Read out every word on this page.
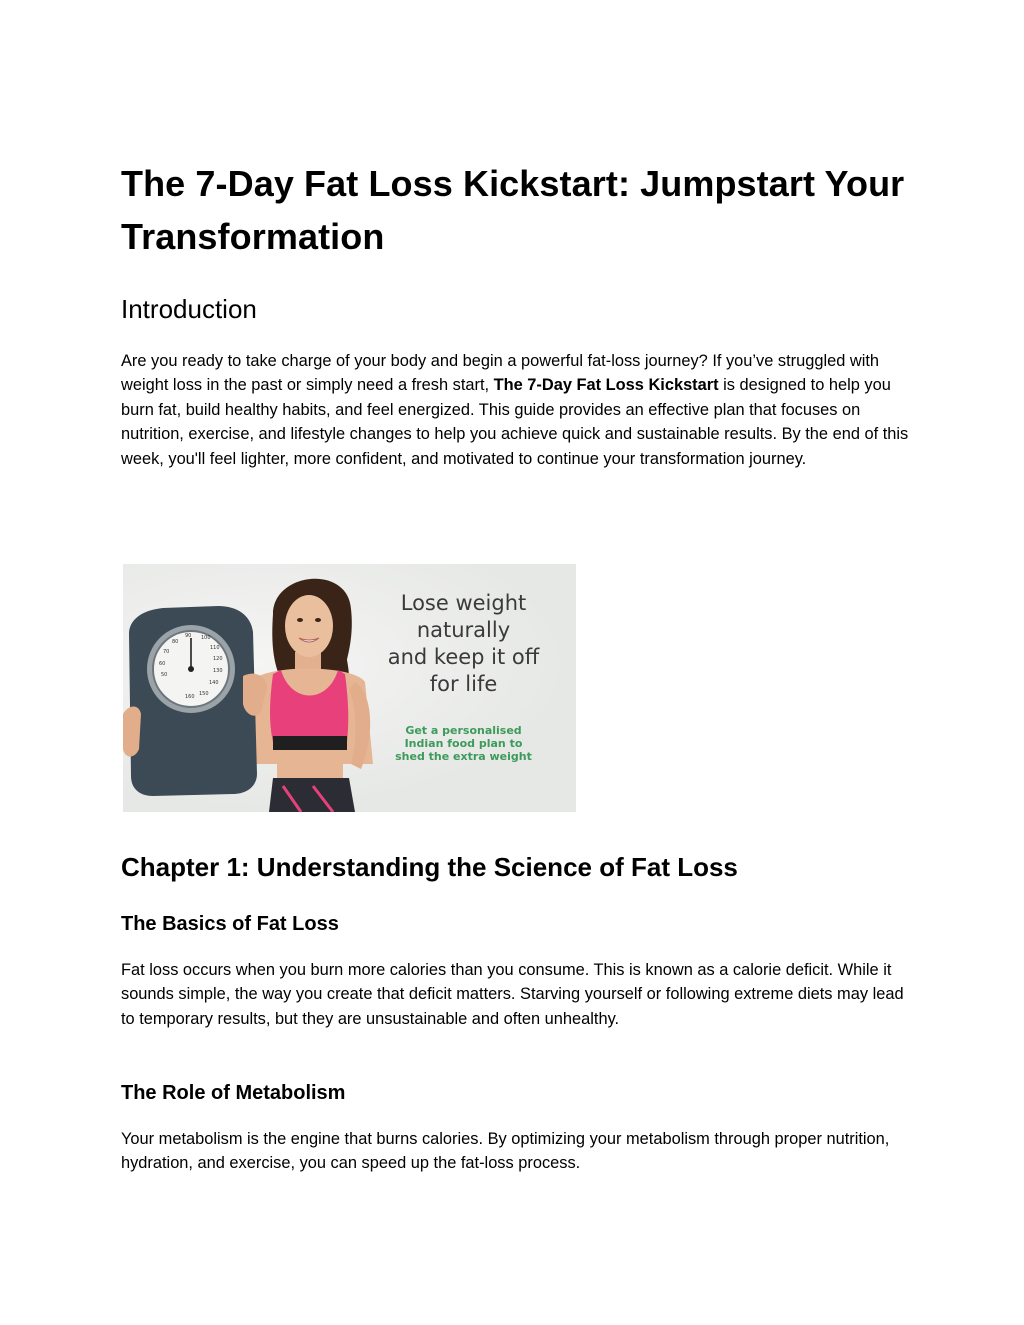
The 7-Day Fat Loss Kickstart: Jumpstart Your Transformation
Introduction

Are you ready to take charge of your body and begin a powerful fat-loss journey? If you’ve struggled with weight loss in the past or simply need a fresh start, The 7-Day Fat Loss Kickstart is designed to help you burn fat, build healthy habits, and feel energized. This guide provides an effective plan that focuses on nutrition, exercise, and lifestyle changes to help you achieve quick and sustainable results. By the end of this week, you'll feel lighter, more confident, and motivated to continue your transformation journey.

Chapter 1: Understanding the Science of Fat Loss
The Basics of Fat Loss

Fat loss occurs when you burn more calories than you consume. This is known as a calorie deficit. While it sounds simple, the way you create that deficit matters. Starving yourself or following extreme diets may lead to temporary results, but they are unsustainable and often unhealthy.

The Role of Metabolism

Your metabolism is the engine that burns calories. By optimizing your metabolism through proper nutrition, hydration, and exercise, you can speed up the fat-loss process.

50
60
70
80
90 100
110
120
130
140
150
160
Lose weight
naturally
and keep it off
for life
Get a personalised
Indian food plan to
shed the extra weight
